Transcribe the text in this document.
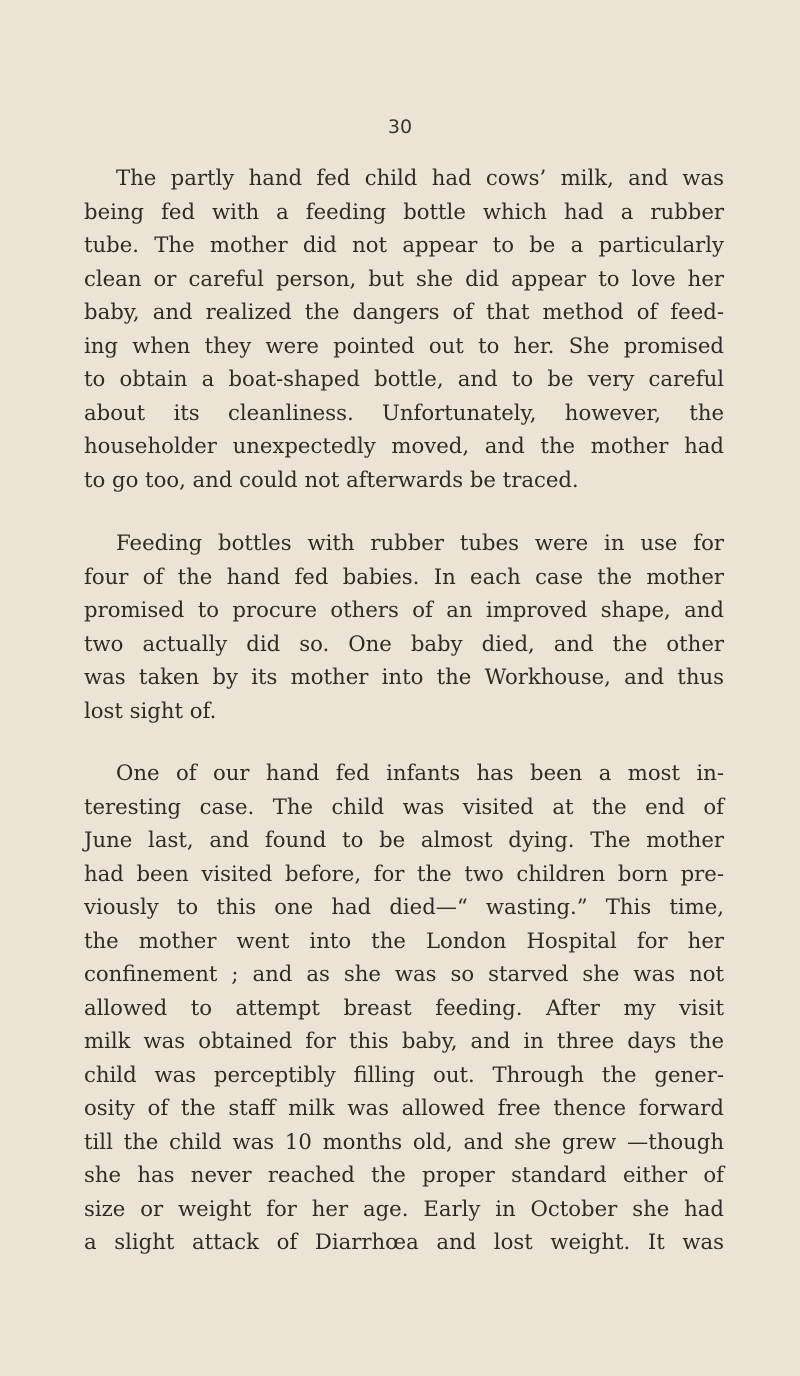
30
The partly hand fed child had cows’ milk, and was
being fed with a feeding bottle which had a rubber
tube. The mother did not appear to be a particularly
clean or careful person, but she did appear to love her
baby, and realized the dangers of that method of feed-
ing when they were pointed out to her. She promised
to obtain a boat-shaped bottle, and to be very careful
about its cleanliness. Unfortunately, however, the
householder unexpectedly moved, and the mother had
to go too, and could not afterwards be traced.
Feeding bottles with rubber tubes were in use for
four of the hand fed babies. In each case the mother
promised to procure others of an improved shape, and
two actually did so. One baby died, and the other
was taken by its mother into the Workhouse, and thus
lost sight of.
One of our hand fed infants has been a most in-
teresting case. The child was visited at the end of
June last, and found to be almost dying. The mother
had been visited before, for the two children born pre-
viously to this one had died—“ wasting.” This time,
the mother went into the London Hospital for her
confinement ; and as she was so starved she was not
allowed to attempt breast feeding. After my visit
milk was obtained for this baby, and in three days the
child was perceptibly filling out. Through the gener-
osity of the staff milk was allowed free thence forward
till the child was 10 months old, and she grew —though
she has never reached the proper standard either of
size or weight for her age. Early in October she had
a slight attack of Diarrhœa and lost weight. It was
